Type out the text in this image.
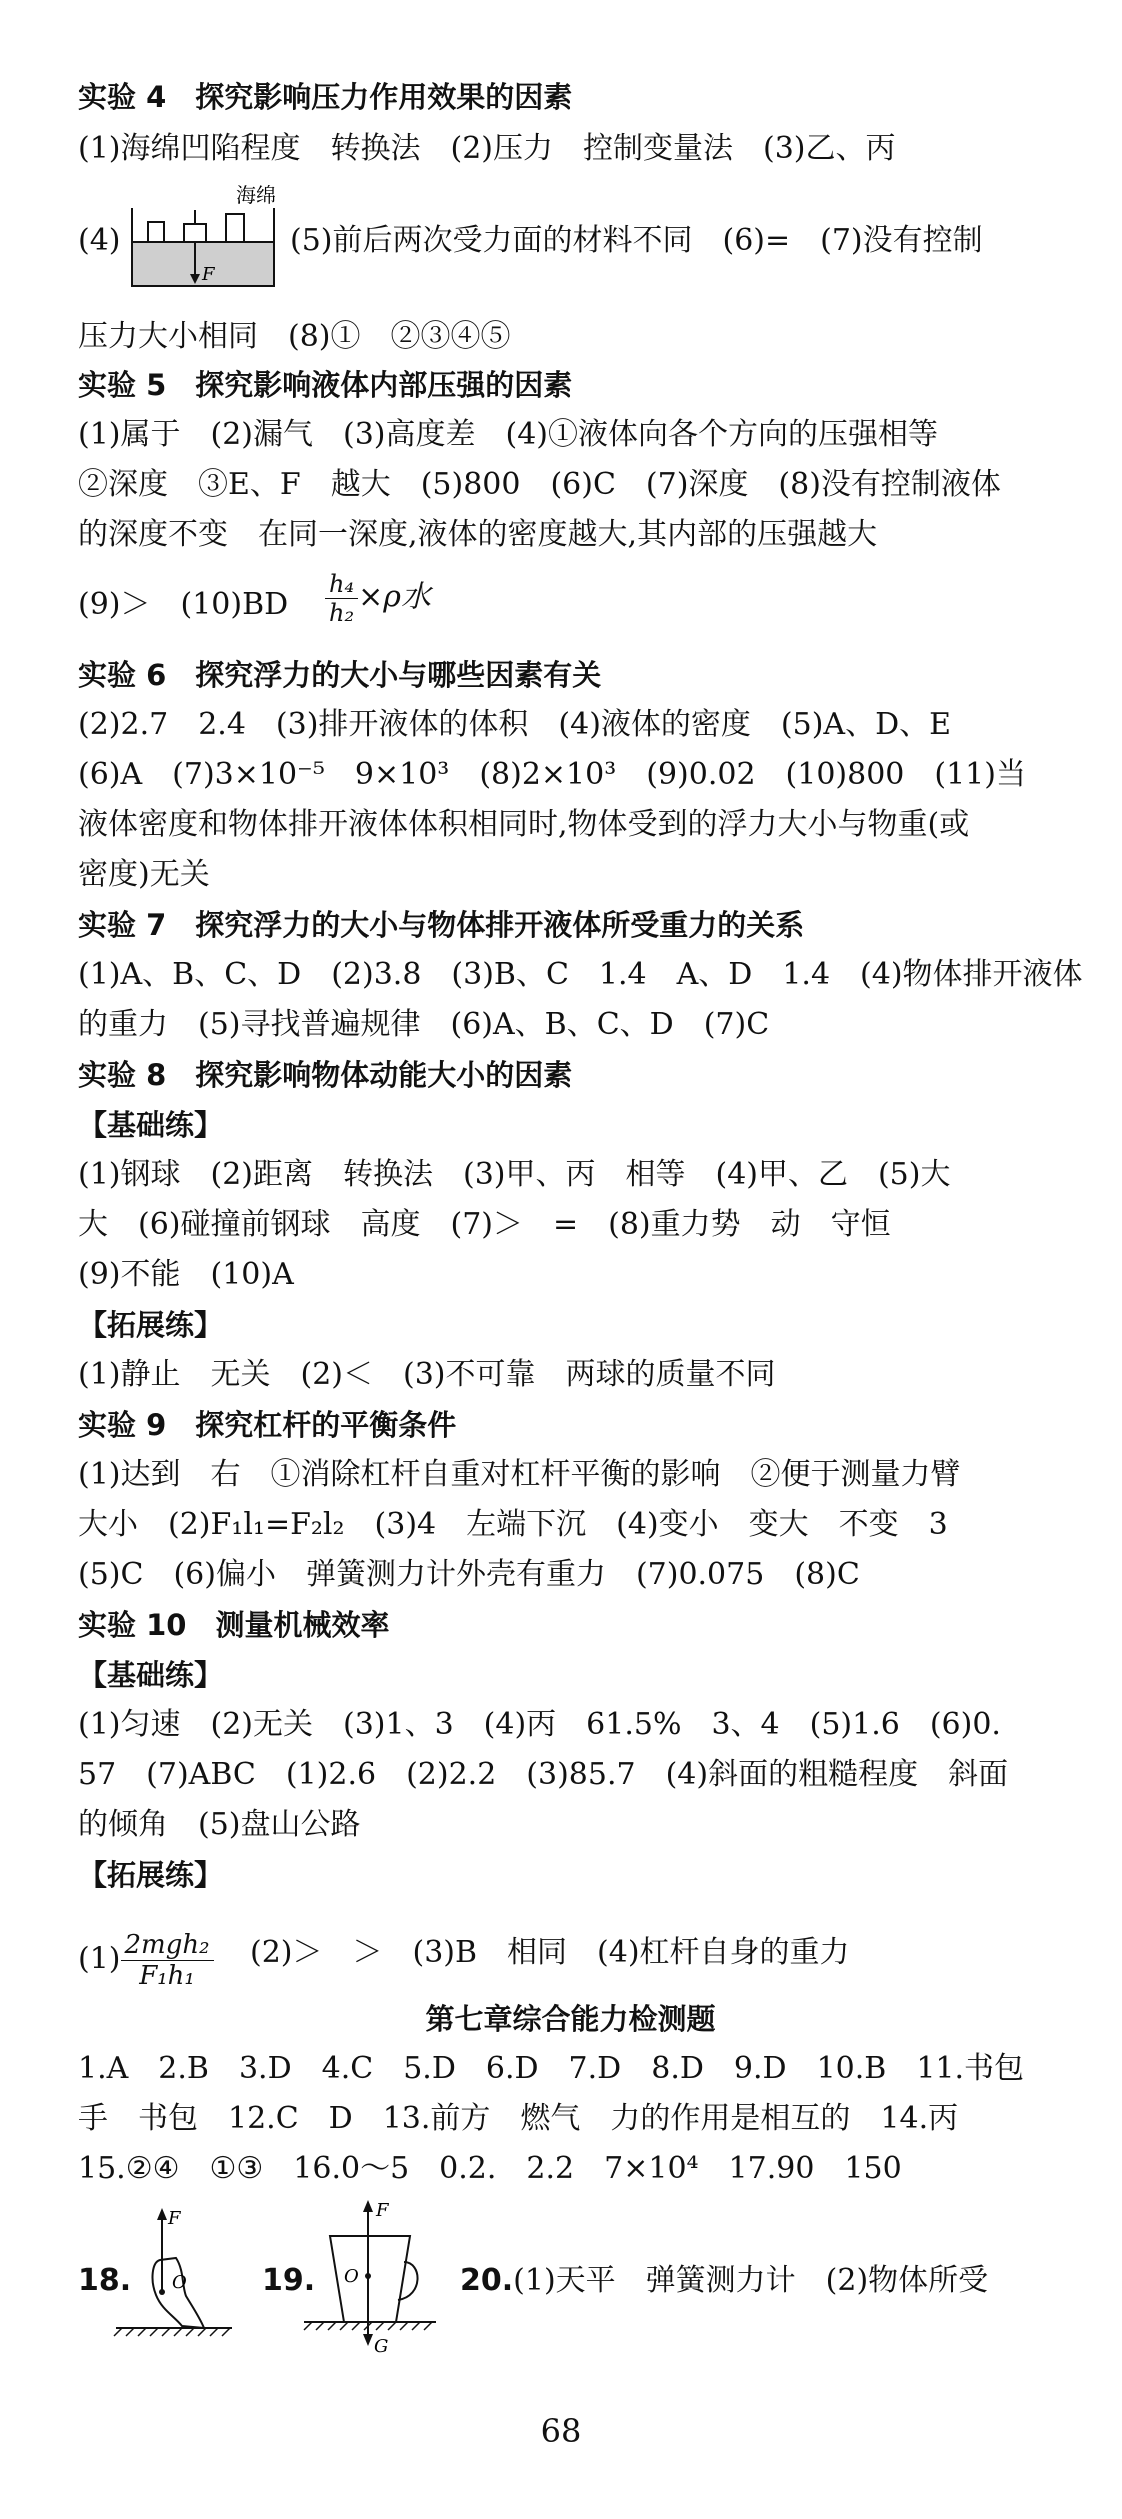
实验 4　探究影响压力作用效果的因素
(1)海绵凹陷程度　转换法　(2)压力　控制变量法　(3)乙、丙
(4)
海绵
F
(5)前后两次受力面的材料不同　(6)=　(7)没有控制
压力大小相同　(8)①　②③④⑤
实验 5　探究影响液体内部压强的因素
(1)属于　(2)漏气　(3)高度差　(4)①液体向各个方向的压强相等
②深度　③E、F　越大　(5)800　(6)C　(7)深度　(8)没有控制液体
的深度不变　在同一深度,液体的密度越大,其内部的压强越大
(9)＞　$(10)BD \frac{\text{h₄}}{\text{h₂}} \times\rho$水
实验 6　探究浮力的大小与哪些因素有关
(2)2.7　2.4　(3)排开液体的体积　(4)液体的密度　(5)A、D、E
(6)A　(7)3×10⁻⁵　9×10³　(8)2×10³　(9)0.02　(10)800　(11)当
液体密度和物体排开液体体积相同时,物体受到的浮力大小与物重(或
密度)无关
实验 7　探究浮力的大小与物体排开液体所受重力的关系
(1)A、B、C、D　(2)3.8　(3)B、C　1.4　A、D　1.4　(4)物体排开液体
的重力　(5)寻找普遍规律　(6)A、B、C、D　(7)C
实验 8　探究影响物体动能大小的因素
【基础练】
(1)钢球　(2)距离　转换法　(3)甲、丙　相等　(4)甲、乙　(5)大
大　(6)碰撞前钢球　高度　(7)＞　=　(8)重力势　动　守恒
(9)不能　(10)A
【拓展练】
(1)静止　无关　(2)＜　(3)不可靠　两球的质量不同
实验 9　探究杠杆的平衡条件
(1)达到　右　①消除杠杆自重对杠杆平衡的影响　②便于测量力臂
大小　(2)F₁l₁=F₂l₂　(3)4　左端下沉　(4)变小　变大　不变　3
(5)C　(6)偏小　弹簧测力计外壳有重力　(7)0.075　(8)C
实验 10　测量机械效率
【基础练】
(1)匀速　(2)无关　(3)1、3　(4)丙　61.5%　3、4　(5)1.6　(6)0.
57　(7)ABC　(1)2.6　(2)2.2　(3)85.7　(4)斜面的粗糙程度　斜面
的倾角　(5)盘山公路
【拓展练】
$(1) \frac{\text{2mgh₂}}{\text{F₁h₁}} (2)>$　＞　(3)B　相同　(4)杠杆自身的重力
第七章综合能力检测题
1.A　2.B　3.D　4.C　5.D　6.D　7.D　8.D　9.D　10.B　11.书包
手　书包　12.C　D　13.前方　燃气　力的作用是相互的　14.丙
15.②④　①③　16.0～5　0.2.　2.2　7×10⁴　17.90　150
18.
F
O	19.
F
O
G
20.(1)天平　弹簧测力计　(2)物体所受
68
